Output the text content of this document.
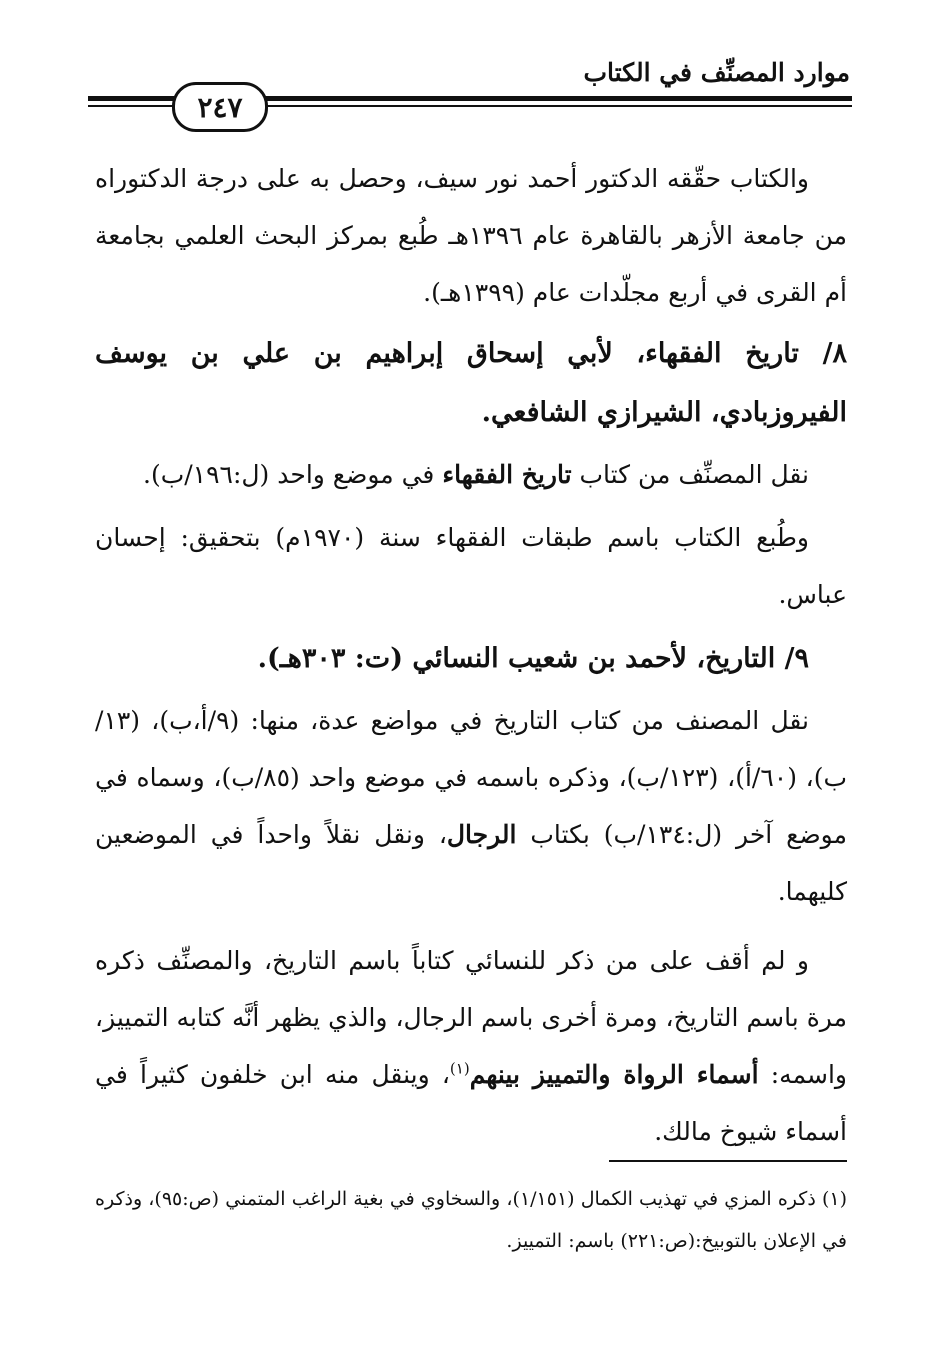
موارد المصنِّف في الكتاب
٢٤٧

والكتاب حقّقه الدكتور أحمد نور سيف، وحصل به على درجة الدكتوراه من جامعة الأزهر بالقاهرة عام ١٣٩٦هـ طُبع بمركز البحث العلمي بجامعة أم القرى في أربع مجلّدات عام (١٣٩٩هـ).

٨/ تاريخ الفقهاء، لأبي إسحاق إبراهيم بن علي بن يوسف الفيروزبادي، الشيرازي الشافعي.

نقل المصنِّف من كتاب تاريخ الفقهاء في موضع واحد (ل:١٩٦/ب).

وطُبع الكتاب باسم طبقات الفقهاء سنة (١٩٧٠م) بتحقيق: إحسان عباس.

٩/ التاريخ، لأحمد بن شعيب النسائي (ت: ٣٠٣هـ).

نقل المصنف من كتاب التاريخ في مواضع عدة، منها: (٩/أ،ب)، (١٣/ب)، (٦٠/أ)، (١٢٣/ب)، وذكره باسمه في موضع واحد (٨٥/ب)، وسماه في موضع آخر (ل:١٣٤/ب) بكتاب الرجال، ونقل نقلاً واحداً في الموضعين كليهما.

و لم أقف على من ذكر للنسائي كتاباً باسم التاريخ، والمصنِّف ذكره مرة باسم التاريخ، ومرة أخرى باسم الرجال، والذي يظهر أنَّه كتابه التمييز، واسمه: أسماء الرواة والتمييز بينهم$^{(١)}$، وينقل منه ابن خلفون كثيراً في أسماء شيوخ مالك.

(١) ذكره المزي في تهذيب الكمال (١/١٥١)، والسخاوي في بغية الراغب المتمني (ص:٩٥)، وذكره في الإعلان بالتوبيخ:(ص:٢٢١) باسم: التمييز.
